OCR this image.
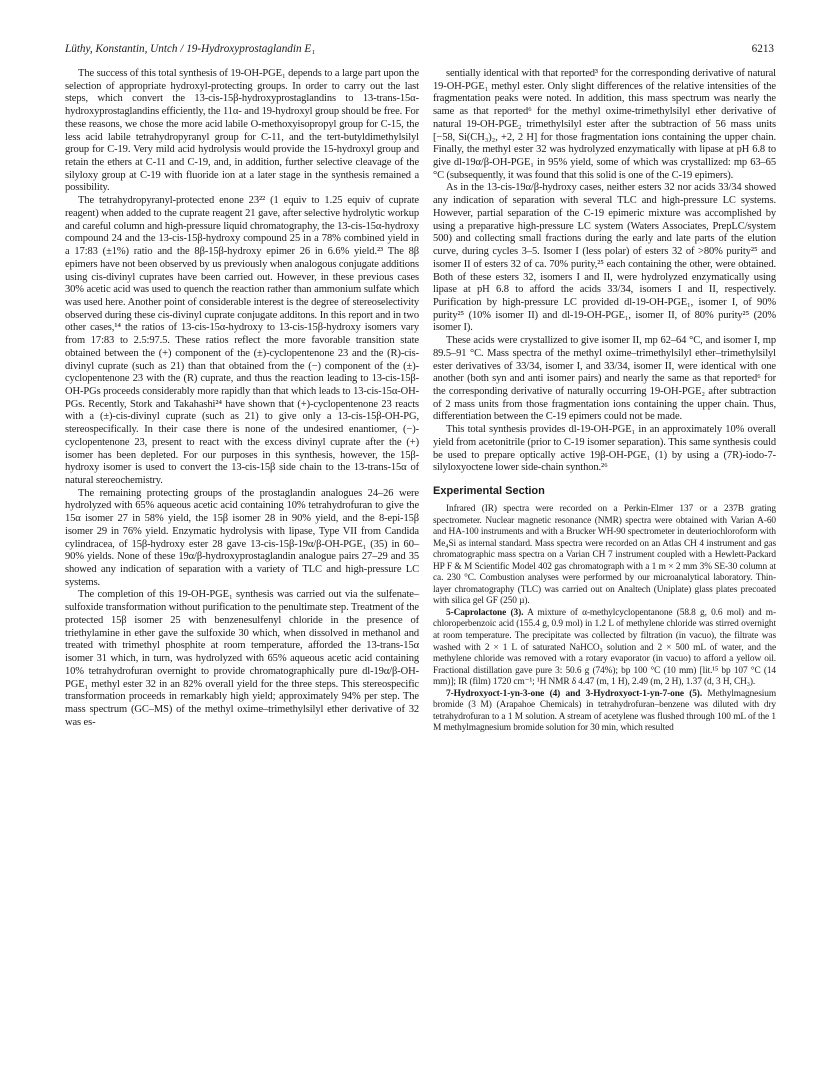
Lüthy, Konstantin, Untch / 19-Hydroxyprostaglandin E₁	6213

The success of this total synthesis of 19-OH-PGE₁ depends to a large part upon the selection of appropriate hydroxyl-protecting groups. In order to carry out the last steps, which convert the 13-cis-15β-hydroxyprostaglandins to 13-trans-15α-hydroxyprostaglandins efficiently, the 11α- and 19-hydroxyl group should be free. For these reasons, we chose the more acid labile O-methoxyisopropyl group for C-15, the less acid labile tetrahydropyranyl group for C-11, and the tert-butyldimethylsilyl group for C-19. Very mild acid hydrolysis would provide the 15-hydroxyl group and retain the ethers at C-11 and C-19, and, in addition, further selective cleavage of the silyloxy group at C-19 with fluoride ion at a later stage in the synthesis remained a possibility.

The tetrahydropyranyl-protected enone 23²² (1 equiv to 1.25 equiv of cuprate reagent) when added to the cuprate reagent 21 gave, after selective hydrolytic workup and careful column and high-pressure liquid chromatography, the 13-cis-15α-hydroxy compound 24 and the 13-cis-15β-hydroxy compound 25 in a 78% combined yield in a 17:83 (±1%) ratio and the 8β-15β-hydroxy epimer 26 in 6.6% yield.²³ The 8β epimers have not been observed by us previously when analogous conjugate additions using cis-divinyl cuprates have been carried out. However, in these previous cases 30% acetic acid was used to quench the reaction rather than ammonium sulfate which was used here. Another point of considerable interest is the degree of stereoselectivity observed during these cis-divinyl cuprate conjugate additons. In this report and in two other cases,¹⁴ the ratios of 13-cis-15α-hydroxy to 13-cis-15β-hydroxy isomers vary from 17:83 to 2.5:97.5. These ratios reflect the more favorable transition state obtained between the (+) component of the (±)-cyclopentenone 23 and the (R)-cis-divinyl cuprate (such as 21) than that obtained from the (−) component of the (±)-cyclopentenone 23 with the (R) cuprate, and thus the reaction leading to 13-cis-15β-OH-PGs proceeds considerably more rapidly than that which leads to 13-cis-15α-OH-PGs. Recently, Stork and Takahashi²⁴ have shown that (+)-cyclopentenone 23 reacts with a (±)-cis-divinyl cuprate (such as 21) to give only a 13-cis-15β-OH-PG, stereospecifically. In their case there is none of the undesired enantiomer, (−)-cyclopentenone 23, present to react with the excess divinyl cuprate after the (+) isomer has been depleted. For our purposes in this synthesis, however, the 15β-hydroxy isomer is used to convert the 13-cis-15β side chain to the 13-trans-15α of natural stereochemistry.

The remaining protecting groups of the prostaglandin analogues 24–26 were hydrolyzed with 65% aqueous acetic acid containing 10% tetrahydrofuran to give the 15α isomer 27 in 58% yield, the 15β isomer 28 in 90% yield, and the 8-epi-15β isomer 29 in 76% yield. Enzymatic hydrolysis with lipase, Type VII from Candida cylindracea, of 15β-hydroxy ester 28 gave 13-cis-15β-19α/β-OH-PGE₁ (35) in 60–90% yields. None of these 19α/β-hydroxyprostaglandin analogue pairs 27–29 and 35 showed any indication of separation with a variety of TLC and high-pressure LC systems.

The completion of this 19-OH-PGE₁ synthesis was carried out via the sulfenate–sulfoxide transformation without purification to the penultimate step. Treatment of the protected 15β isomer 25 with benzenesulfenyl chloride in the presence of triethylamine in ether gave the sulfoxide 30 which, when dissolved in methanol and treated with trimethyl phosphite at room temperature, afforded the 13-trans-15α isomer 31 which, in turn, was hydrolyzed with 65% aqueous acetic acid containing 10% tetrahydrofuran overnight to provide chromatographically pure dl-19α/β-OH-PGE₁ methyl ester 32 in an 82% overall yield for the three steps. This stereospecific transformation proceeds in remarkably high yield; approximately 94% per step. The mass spectrum (GC–MS) of the methyl oxime–trimethylsilyl ether derivative of 32 was es-

sentially identical with that reported³ for the corresponding derivative of natural 19-OH-PGE₁ methyl ester. Only slight differences of the relative intensities of the fragmentation peaks were noted. In addition, this mass spectrum was nearly the same as that reported⁶ for the methyl oxime-trimethylsilyl ether derivative of natural 19-OH-PGE₂ trimethylsilyl ester after the subtraction of 56 mass units [−58, Si(CH₃)₂, +2, 2 H] for those fragmentation ions containing the upper chain. Finally, the methyl ester 32 was hydrolyzed enzymatically with lipase at pH 6.8 to give dl-19α/β-OH-PGE₁ in 95% yield, some of which was crystallized: mp 63–65 °C (subsequently, it was found that this solid is one of the C-19 epimers).

As in the 13-cis-19α/β-hydroxy cases, neither esters 32 nor acids 33/34 showed any indication of separation with several TLC and high-pressure LC systems. However, partial separation of the C-19 epimeric mixture was accomplished by using a preparative high-pressure LC system (Waters Associates, PrepLC/system 500) and collecting small fractions during the early and late parts of the elution curve, during cycles 3–5. Isomer I (less polar) of esters 32 of >80% purity²⁵ and isomer II of esters 32 of ca. 70% purity,²⁵ each containing the other, were obtained. Both of these esters 32, isomers I and II, were hydrolyzed enzymatically using lipase at pH 6.8 to afford the acids 33/34, isomers I and II, respectively. Purification by high-pressure LC provided dl-19-OH-PGE₁, isomer I, of 90% purity²⁵ (10% isomer II) and dl-19-OH-PGE₁, isomer II, of 80% purity²⁵ (20% isomer I).

These acids were crystallized to give isomer II, mp 62–64 °C, and isomer I, mp 89.5–91 °C. Mass spectra of the methyl oxime–trimethylsilyl ether–trimethylsilyl ester derivatives of 33/34, isomer I, and 33/34, isomer II, were identical with one another (both syn and anti isomer pairs) and nearly the same as that reported⁶ for the corresponding derivative of naturally occurring 19-OH-PGE₂ after subtraction of 2 mass units from those fragmentation ions containing the upper chain. Thus, differentiation between the C-19 epimers could not be made.

This total synthesis provides dl-19-OH-PGE₁ in an approximately 10% overall yield from acetonitrile (prior to C-19 isomer separation). This same synthesis could be used to prepare optically active 19β-OH-PGE₁ (1) by using a (7R)-iodo-7-silyloxyoctene lower side-chain synthon.²⁶

Experimental Section

Infrared (IR) spectra were recorded on a Perkin-Elmer 137 or a 237B grating spectrometer. Nuclear magnetic resonance (NMR) spectra were obtained with Varian A-60 and HA-100 instruments and with a Brucker WH-90 spectrometer in deuteriochloroform with Me₄Si as internal standard. Mass spectra were recorded on an Atlas CH 4 instrument and gas chromatographic mass spectra on a Varian CH 7 instrument coupled with a Hewlett-Packard HP F & M Scientific Model 402 gas chromatograph with a 1 m × 2 mm 3% SE-30 column at ca. 230 °C. Combustion analyses were performed by our microanalytical laboratory. Thin-layer chromatography (TLC) was carried out on Analtech (Uniplate) glass plates precoated with silica gel GF (250 µ).

5-Caprolactone (3). A mixture of α-methylcyclopentanone (58.8 g, 0.6 mol) and m-chloroperbenzoic acid (155.4 g, 0.9 mol) in 1.2 L of methylene chloride was stirred overnight at room temperature. The precipitate was collected by filtration (in vacuo), the filtrate was washed with 2 × 1 L of saturated NaHCO₃ solution and 2 × 500 mL of water, and the methylene chloride was removed with a rotary evaporator (in vacuo) to afford a yellow oil. Fractional distillation gave pure 3: 50.6 g (74%); bp 100 °C (10 mm) [lit.¹⁵ bp 107 °C (14 mm)]; IR (film) 1720 cm⁻¹; ¹H NMR δ 4.47 (m, 1 H), 2.49 (m, 2 H), 1.37 (d, 3 H, CH₃).

7-Hydroxyoct-1-yn-3-one (4) and 3-Hydroxyoct-1-yn-7-one (5). Methylmagnesium bromide (3 M) (Arapahoe Chemicals) in tetrahydrofuran–benzene was diluted with dry tetrahydrofuran to a 1 M solution. A stream of acetylene was flushed through 100 mL of the 1 M methylmagnesium bromide solution for 30 min, which resulted
